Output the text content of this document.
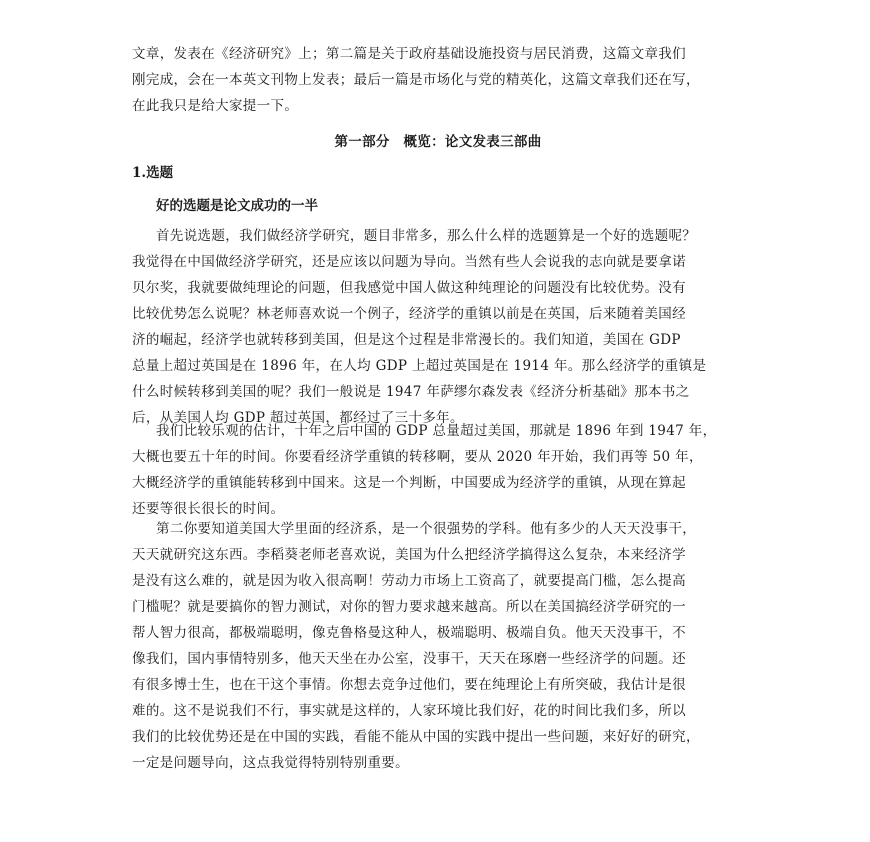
文章，发表在《经济研究》上；第二篇是关于政府基础设施投资与居民消费，这篇文章我们
刚完成，会在一本英文刊物上发表；最后一篇是市场化与党的精英化，这篇文章我们还在写，
在此我只是给大家提一下。
第一部分　概览：论文发表三部曲
1.选题
好的选题是论文成功的一半
首先说选题，我们做经济学研究，题目非常多，那么什么样的选题算是一个好的选题呢？
我觉得在中国做经济学研究，还是应该以问题为导向。当然有些人会说我的志向就是要拿诺
贝尔奖，我就要做纯理论的问题，但我感觉中国人做这种纯理论的问题没有比较优势。没有
比较优势怎么说呢？林老师喜欢说一个例子，经济学的重镇以前是在英国，后来随着美国经
济的崛起，经济学也就转移到美国，但是这个过程是非常漫长的。我们知道，美国在 GDP
总量上超过英国是在 1896 年，在人均 GDP 上超过英国是在 1914 年。那么经济学的重镇是
什么时候转移到美国的呢？我们一般说是 1947 年萨缪尔森发表《经济分析基础》那本书之
后，从美国人均 GDP 超过英国，都经过了三十多年。
我们比较乐观的估计，十年之后中国的 GDP 总量超过美国，那就是 1896 年到 1947 年，
大概也要五十年的时间。你要看经济学重镇的转移啊，要从 2020 年开始，我们再等 50 年，
大概经济学的重镇能转移到中国来。这是一个判断，中国要成为经济学的重镇，从现在算起
还要等很长很长的时间。
第二你要知道美国大学里面的经济系，是一个很强势的学科。他有多少的人天天没事干，
天天就研究这东西。李稻葵老师老喜欢说，美国为什么把经济学搞得这么复杂，本来经济学
是没有这么难的，就是因为收入很高啊！劳动力市场上工资高了，就要提高门槛，怎么提高
门槛呢？就是要搞你的智力测试，对你的智力要求越来越高。所以在美国搞经济学研究的一
帮人智力很高，都极端聪明，像克鲁格曼这种人，极端聪明、极端自负。他天天没事干，不
像我们，国内事情特别多，他天天坐在办公室，没事干，天天在琢磨一些经济学的问题。还
有很多博士生，也在干这个事情。你想去竞争过他们，要在纯理论上有所突破，我估计是很
难的。这不是说我们不行，事实就是这样的，人家环境比我们好，花的时间比我们多，所以
我们的比较优势还是在中国的实践，看能不能从中国的实践中提出一些问题，来好好的研究，
一定是问题导向，这点我觉得特别特别重要。
